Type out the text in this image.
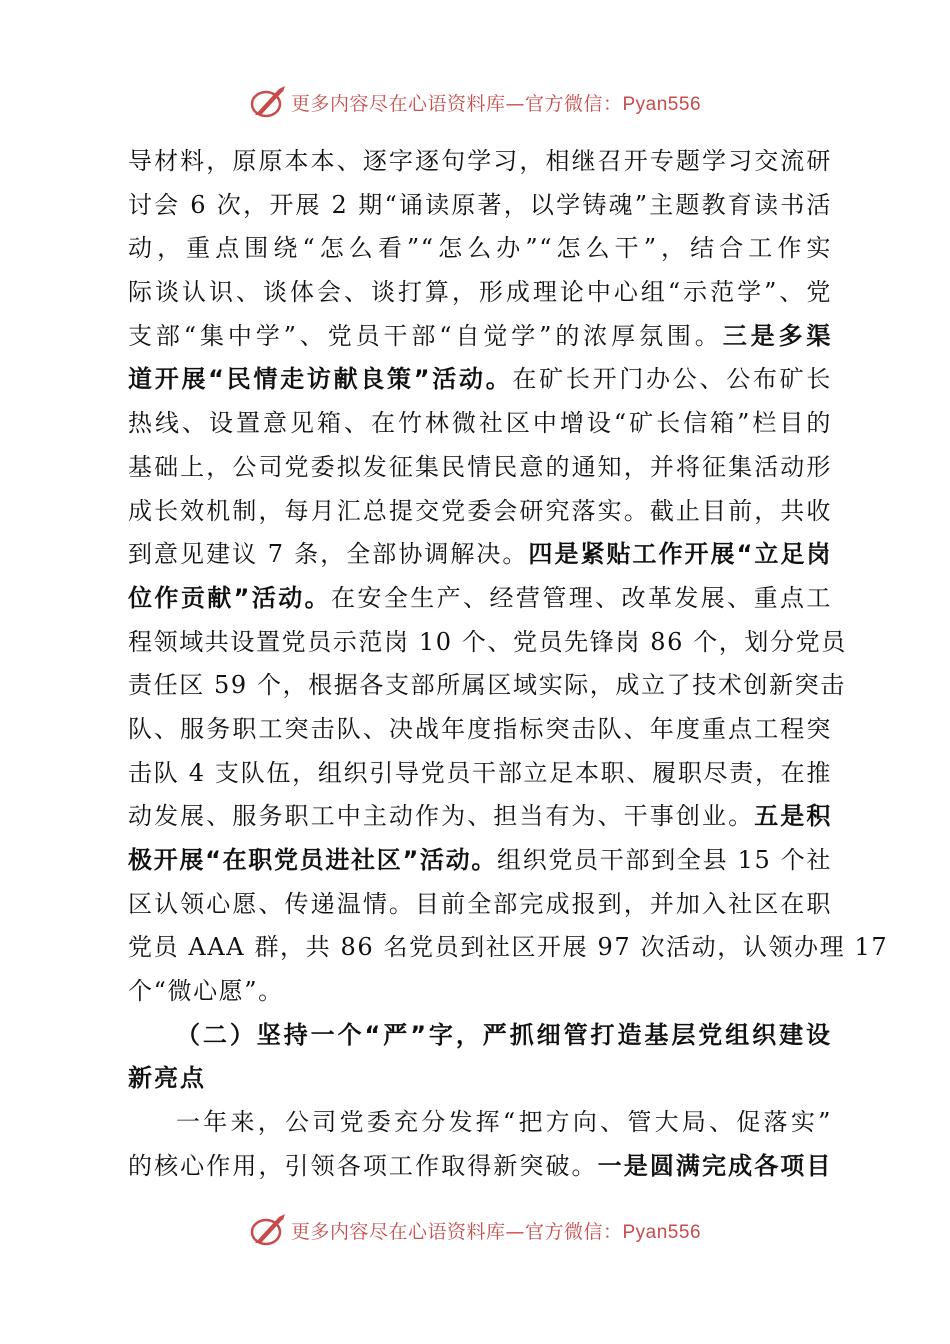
更多内容尽在心语资料库—官方微信：Pyan556
导材料，原原本本、逐字逐句学习，相继召开专题学习交流研
讨会 6 次，开展 2 期“诵读原著，以学铸魂”主题教育读书活
动，重点围绕“怎么看”“怎么办”“怎么干”，结合工作实
际谈认识、谈体会、谈打算，形成理论中心组“示范学”、党
支部“集中学”、党员干部“自觉学”的浓厚氛围。三是多渠
道开展“民情走访献良策”活动。在矿长开门办公、公布矿长
热线、设置意见箱、在竹林微社区中增设“矿长信箱”栏目的
基础上，公司党委拟发征集民情民意的通知，并将征集活动形
成长效机制，每月汇总提交党委会研究落实。截止目前，共收
到意见建议 7 条，全部协调解决。四是紧贴工作开展“立足岗
位作贡献”活动。在安全生产、经营管理、改革发展、重点工
程领域共设置党员示范岗 10 个、党员先锋岗 86 个，划分党员
责任区 59 个，根据各支部所属区域实际，成立了技术创新突击
队、服务职工突击队、决战年度指标突击队、年度重点工程突
击队 4 支队伍，组织引导党员干部立足本职、履职尽责，在推
动发展、服务职工中主动作为、担当有为、干事创业。五是积
极开展“在职党员进社区”活动。组织党员干部到全县 15 个社
区认领心愿、传递温情。目前全部完成报到，并加入社区在职
党员 AAA 群，共 86 名党员到社区开展 97 次活动，认领办理 17
个“微心愿”。
（二）坚持一个“严”字，严抓细管打造基层党组织建设
新亮点
一年来，公司党委充分发挥“把方向、管大局、促落实”
的核心作用，引领各项工作取得新突破。一是圆满完成各项目
更多内容尽在心语资料库—官方微信：Pyan556
